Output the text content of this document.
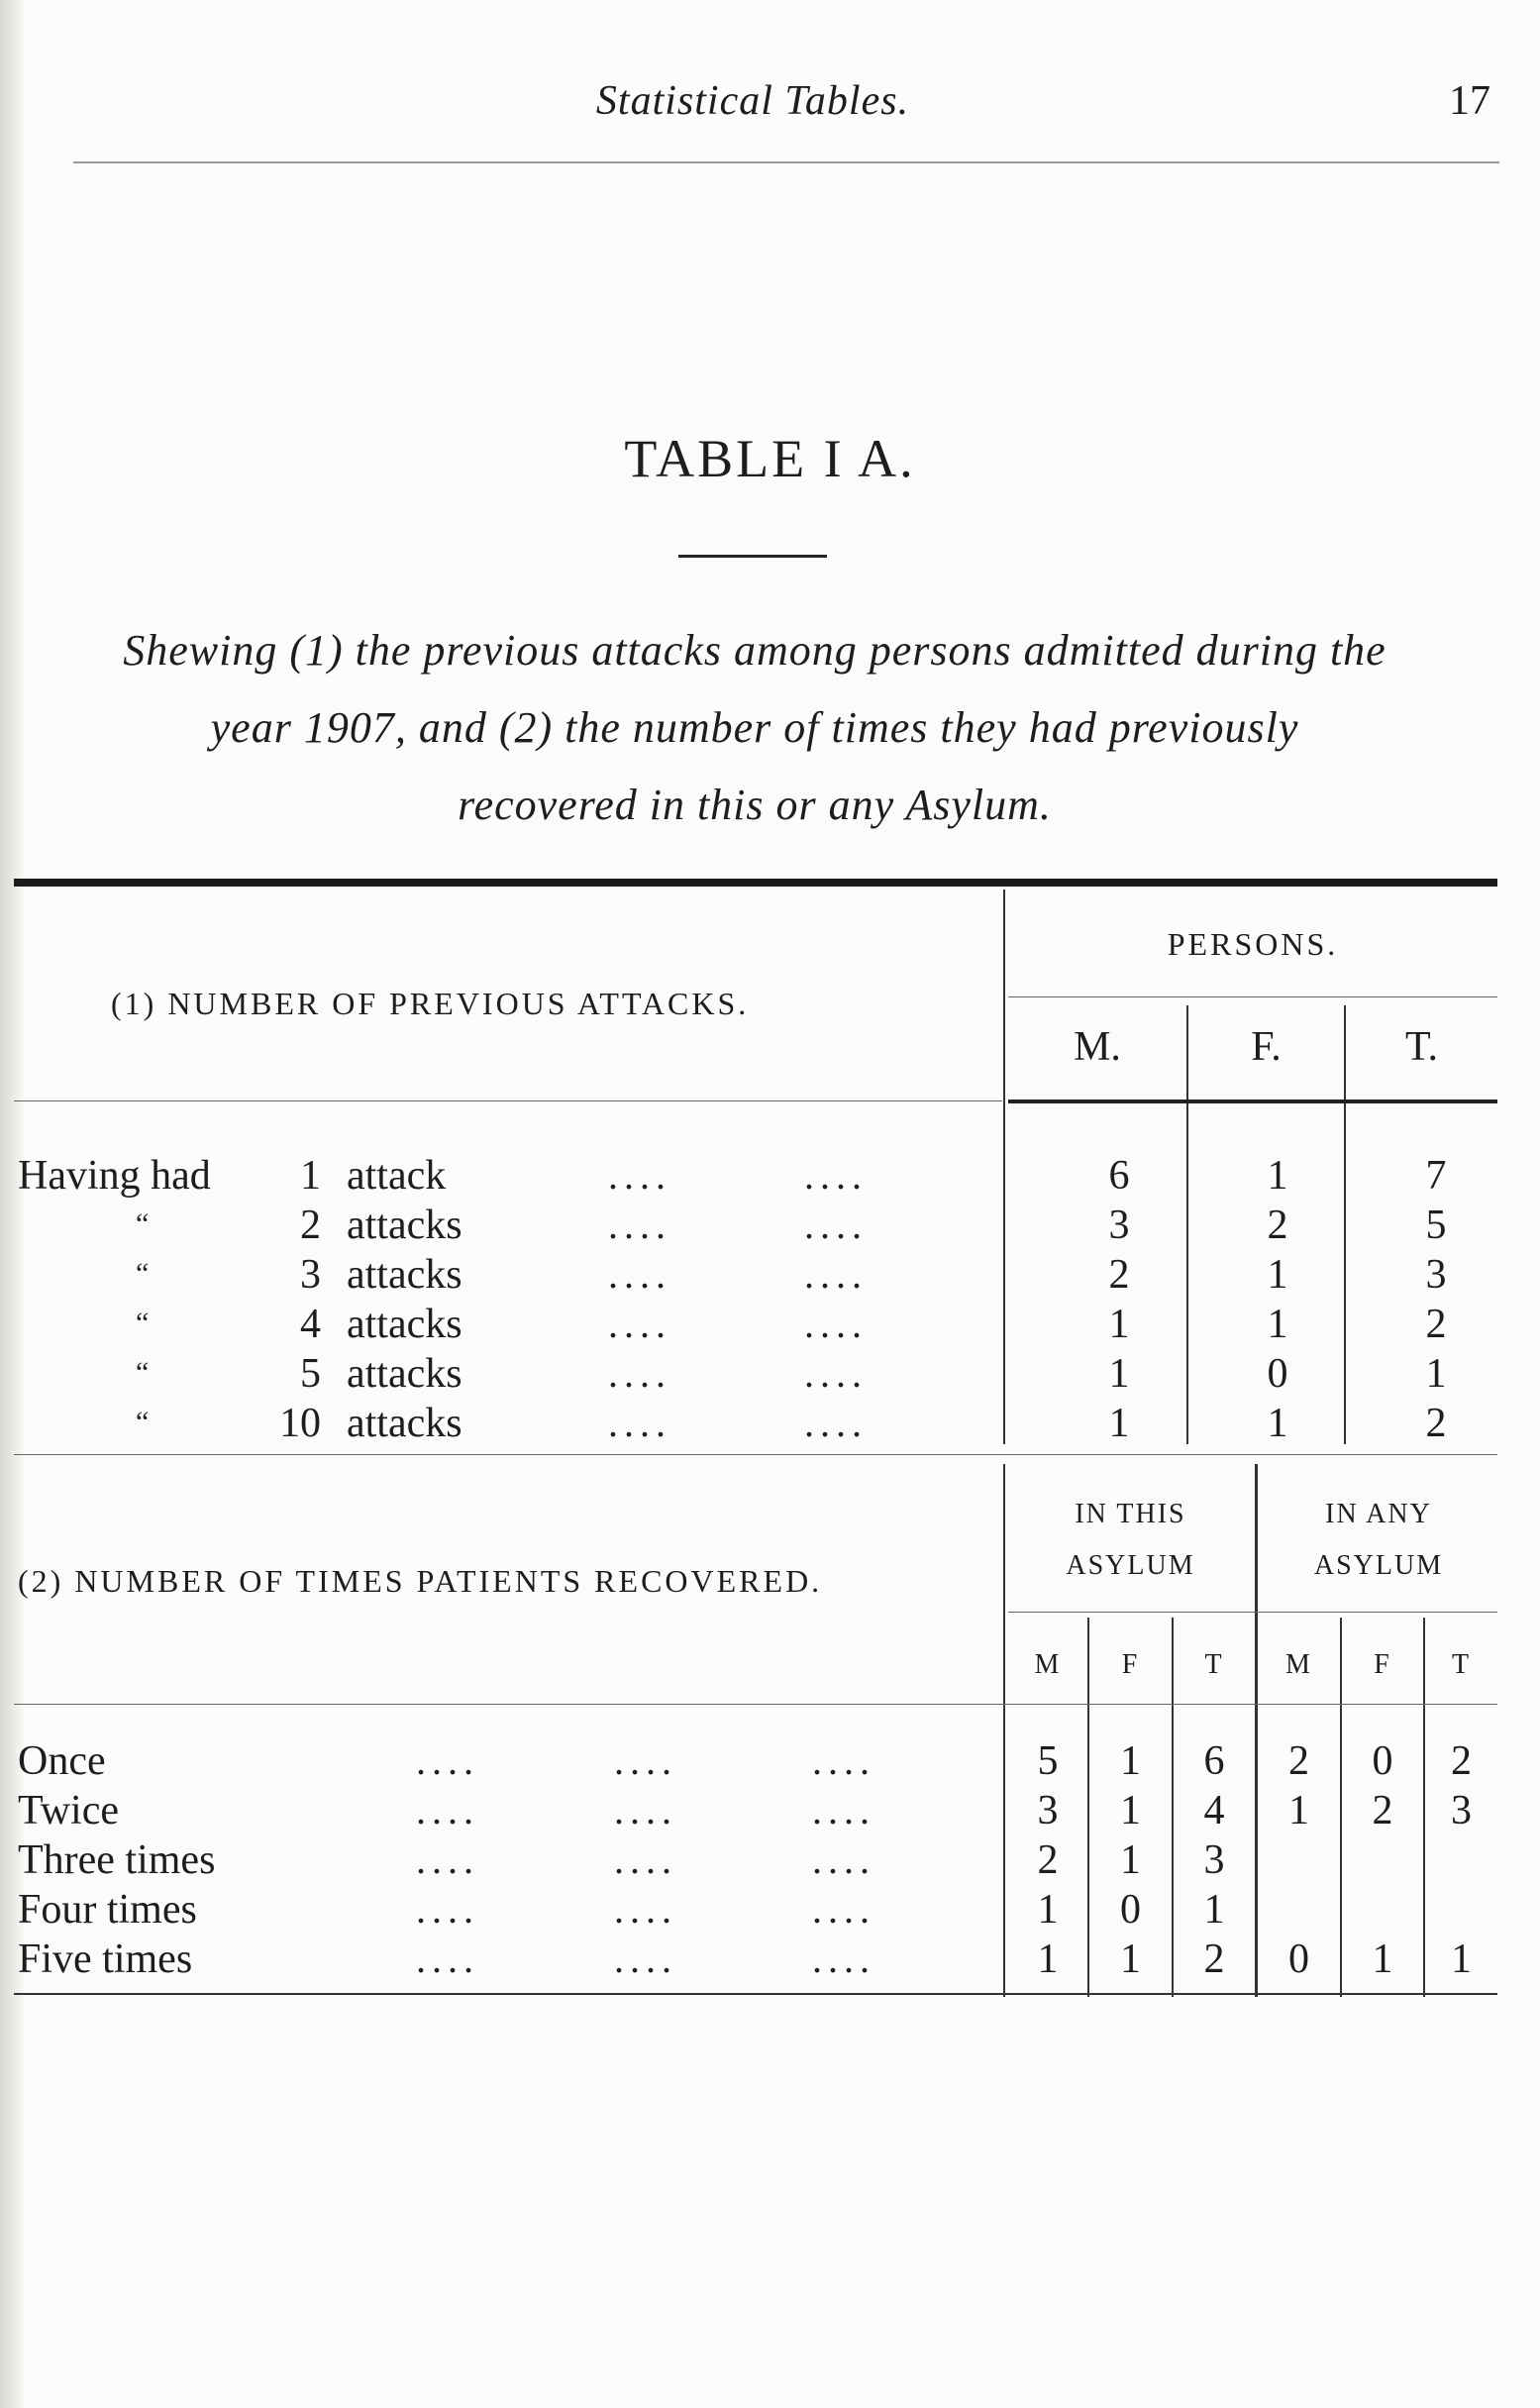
Statistical Tables.	17
TABLE I A.
Shewing (1) the previous attacks among persons admitted during the
year 1907, and (2) the number of times they had previously
recovered in this or any Asylum.
(1) NUMBER OF PREVIOUS ATTACKS.
PERSONS.
M.	F.	T.
Having had 1 attack	....	....	6	1	7
“	2 attacks	....	....	3	2	5
“	3 attacks	....	....	2	1	3
“	4 attacks	....	....	1	1	2
“	5 attacks	....	....	1	0	1
“	10 attacks	....	....	1	1	2
(2) NUMBER OF TIMES PATIENTS RECOVERED.
IN THIS
ASYLUM
IN ANY
ASYLUM
M	F	T	M	F	T
Once	....	....	....	5	1	6	2	0	2
Twice	....	....	....	3	1	4	1	2	3
Three times	....	....	....	2	1	3
Four times	....	....	....	1	0	1
Five times	....	....	....	1	1	2	0	1	1
